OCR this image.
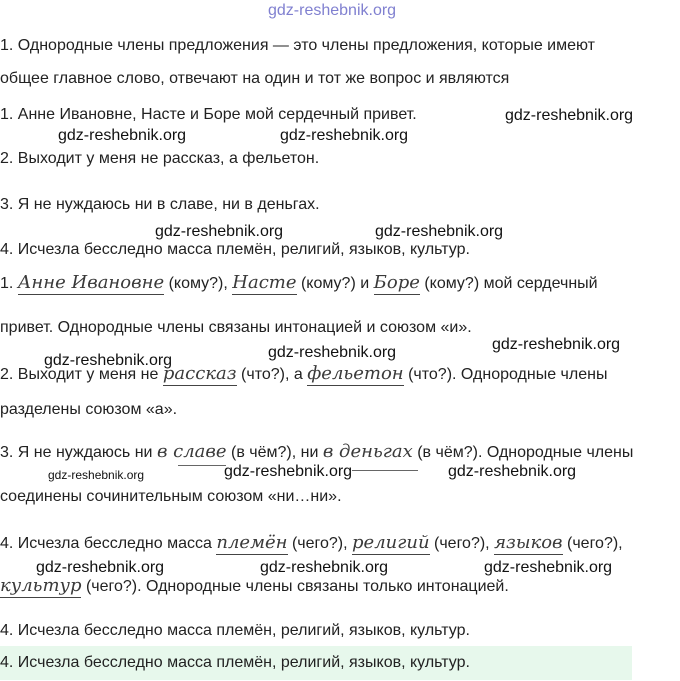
gdz-reshebnik.org
1. Однородные члены предложения — это члены предложения, которые имеют
общее главное слово, отвечают на один и тот же вопрос и являются
1. Анне Ивановне, Насте и Боре мой сердечный привет.	gdz-reshebnik.org
gdz-reshebnik.org	gdz-reshebnik.org
2. Выходит у меня не рассказ, а фельетон.
3. Я не нуждаюсь ни в славе, ни в деньгах.
gdz-reshebnik.org	gdz-reshebnik.org
4. Исчезла бесследно масса племён, религий, языков, культур.
1. Анне Ивановне (кому?), Насте (кому?) и Боре (кому?) мой сердечный
привет. Однородные члены связаны интонацией и союзом «и».
gdz-reshebnik.org
gdz-reshebnik.org
gdz-reshebnik.org
2. Выходит у меня не рассказ (что?), а фельетон (что?). Однородные члены
разделены союзом «а».
3. Я не нуждаюсь ни в славе (в чём?), ни в деньгах (в чём?). Однородные члены
gdz-reshebnik.org	gdz-reshebnik.org	gdz-reshebnik.org
соединены сочинительным союзом «ни…ни».
4. Исчезла бесследно масса племён (чего?), религий (чего?), языков (чего?),
gdz-reshebnik.org	gdz-reshebnik.org	gdz-reshebnik.org
культур (чего?). Однородные члены связаны только интонацией.
4. Исчезла бесследно масса племён, религий, языков, культур.
4. Исчезла бесследно масса племён, религий, языков, культур.
